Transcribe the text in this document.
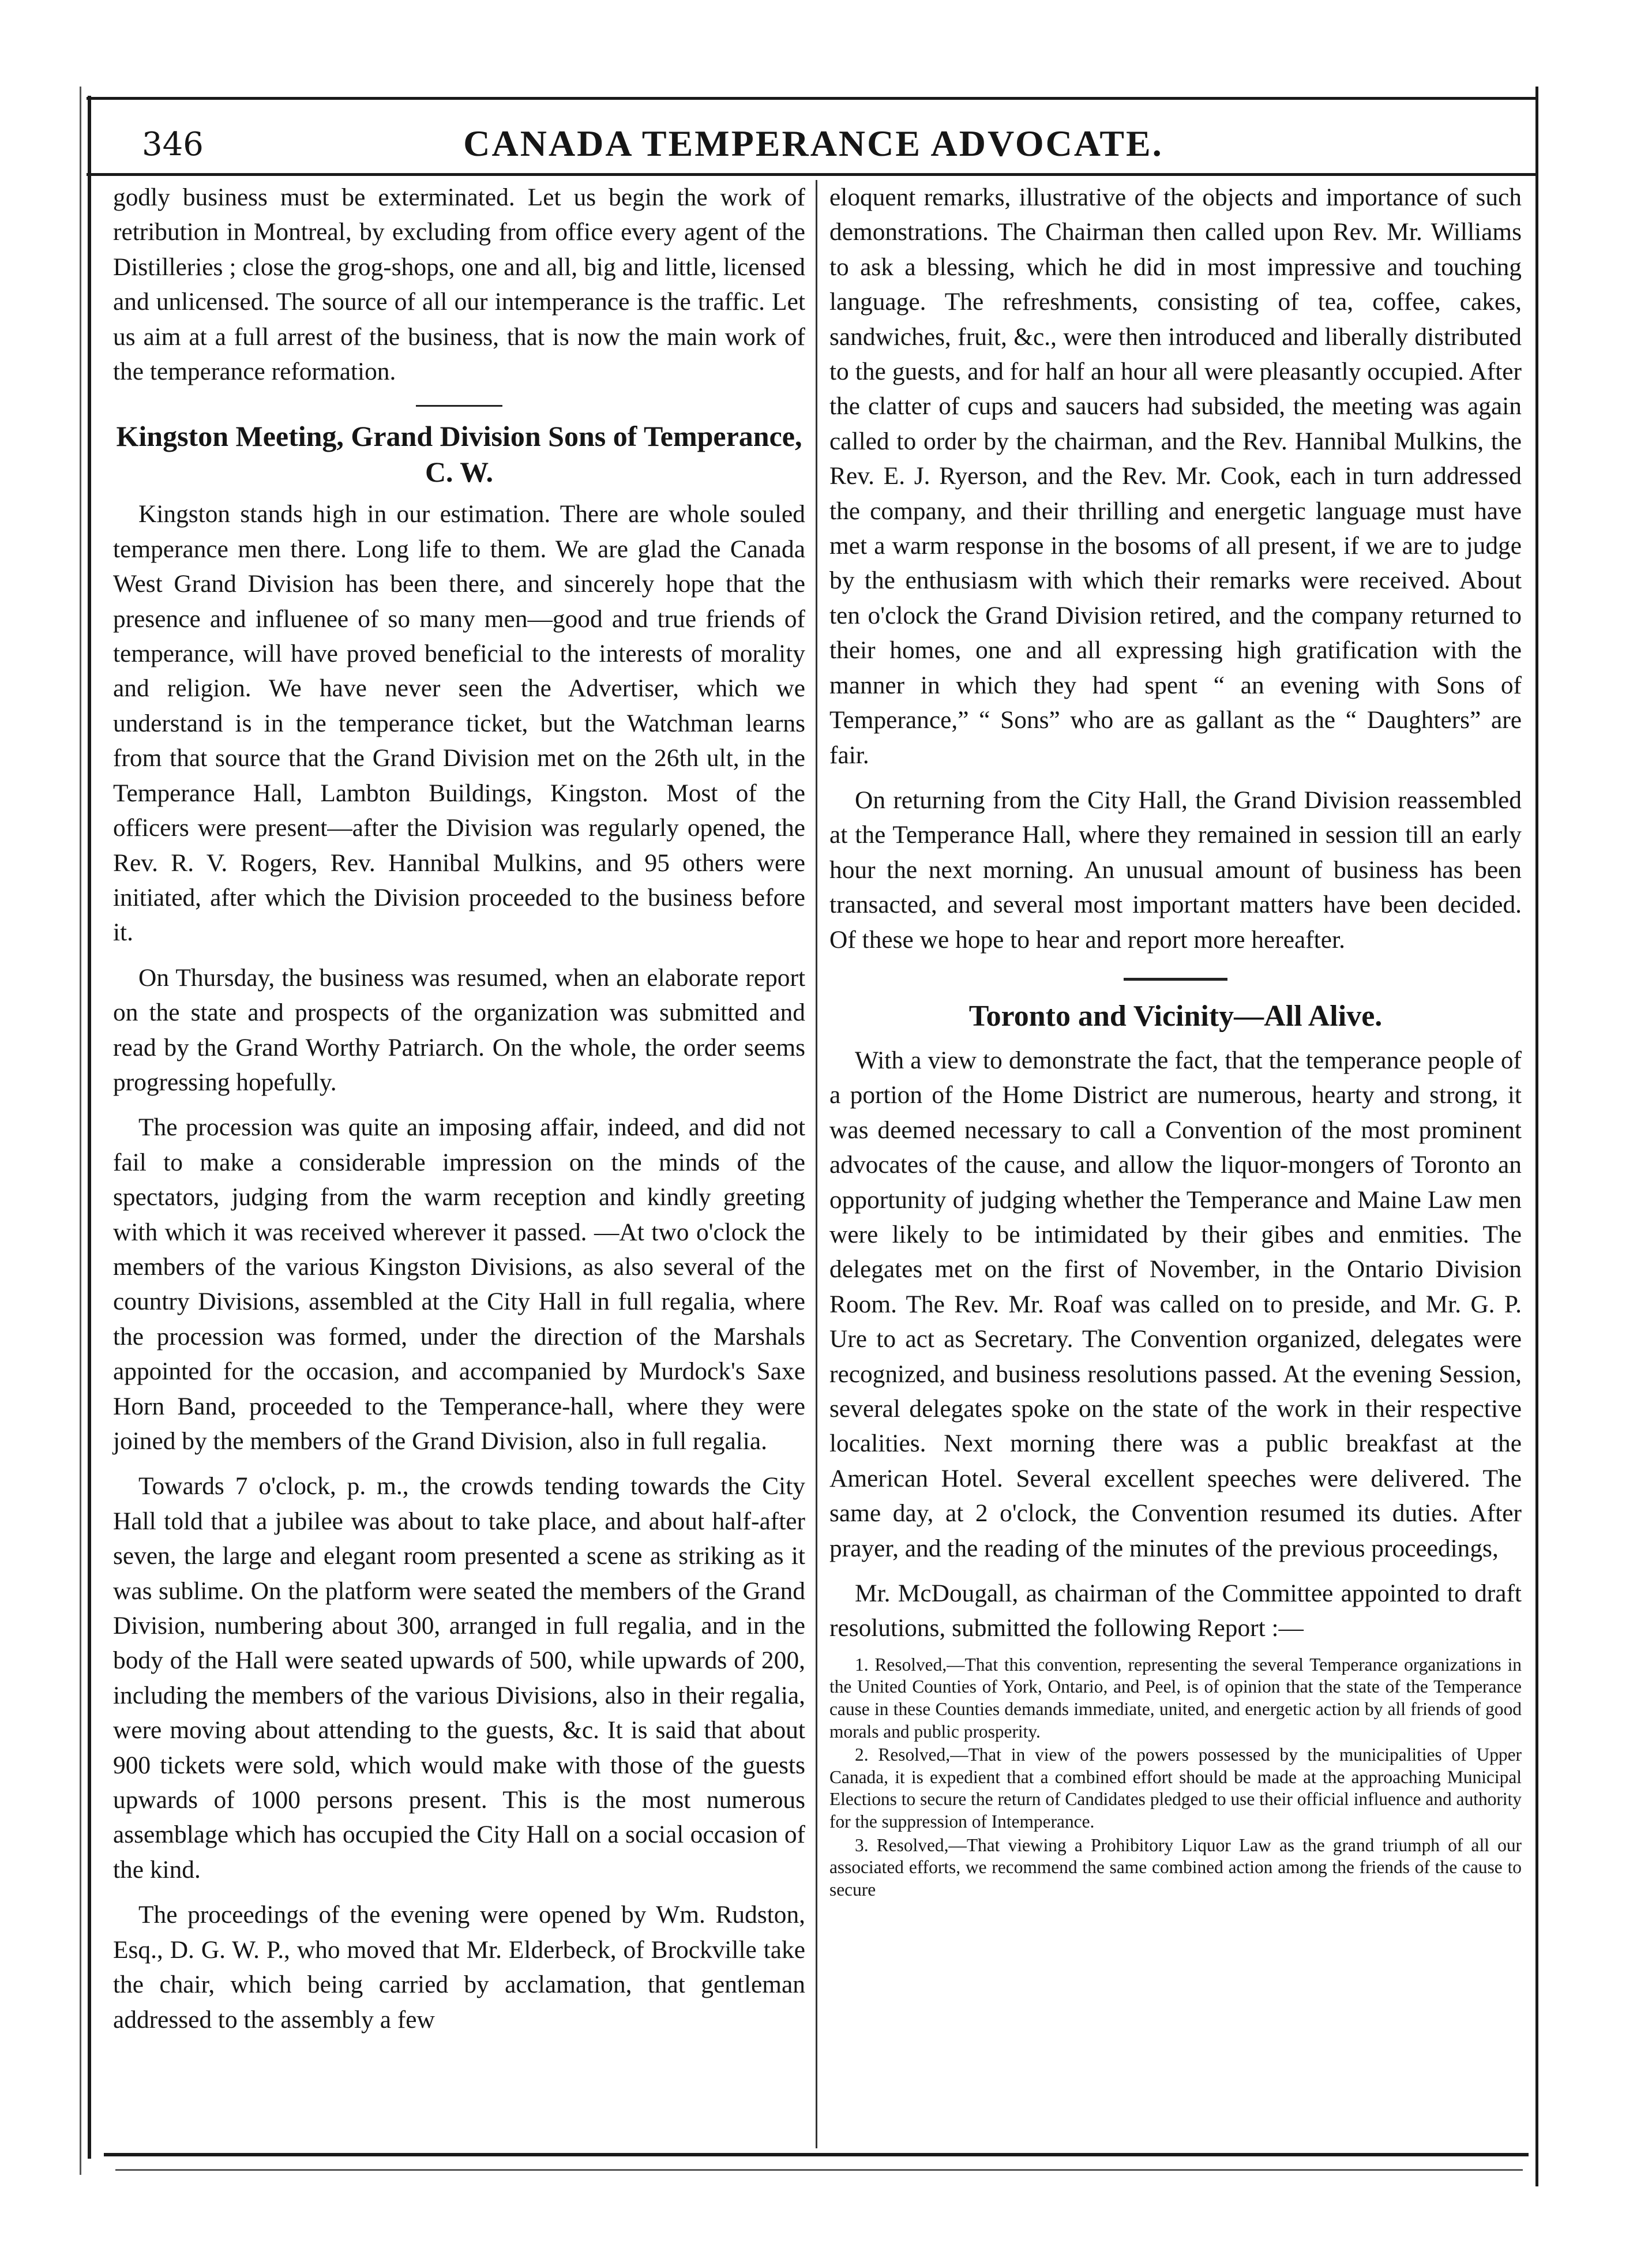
346	CANADA TEMPERANCE ADVOCATE.

godly business must be exterminated. Let us begin the work of retribution in Montreal, by excluding from office every agent of the Distilleries ; close the grog-shops, one and all, big and little, licensed and unlicensed. The source of all our intemperance is the traffic. Let us aim at a full arrest of the business, that is now the main work of the temperance reformation.

Kingston Meeting, Grand Division Sons of Temperance, C. W.

Kingston stands high in our estimation. There are whole souled temperance men there. Long life to them. We are glad the Canada West Grand Division has been there, and sincerely hope that the presence and influenee of so many men—good and true friends of temperance, will have proved beneficial to the interests of morality and religion. We have never seen the Advertiser, which we understand is in the temperance ticket, but the Watchman learns from that source that the Grand Division met on the 26th ult, in the Temperance Hall, Lambton Buildings, Kingston. Most of the officers were present—after the Division was regularly opened, the Rev. R. V. Rogers, Rev. Hannibal Mulkins, and 95 others were initiated, after which the Division proceeded to the business before it.

On Thursday, the business was resumed, when an elaborate report on the state and prospects of the organization was submitted and read by the Grand Worthy Patriarch. On the whole, the order seems progressing hopefully.

The procession was quite an imposing affair, indeed, and did not fail to make a considerable impression on the minds of the spectators, judging from the warm reception and kindly greeting with which it was received wherever it passed. —At two o'clock the members of the various Kingston Divisions, as also several of the country Divisions, assembled at the City Hall in full regalia, where the procession was formed, under the direction of the Marshals appointed for the occasion, and accompanied by Murdock's Saxe Horn Band, proceeded to the Temperance-hall, where they were joined by the members of the Grand Division, also in full regalia.

Towards 7 o'clock, p. m., the crowds tending towards the City Hall told that a jubilee was about to take place, and about half-after seven, the large and elegant room presented a scene as striking as it was sublime. On the platform were seated the members of the Grand Division, numbering about 300, arranged in full regalia, and in the body of the Hall were seated upwards of 500, while upwards of 200, including the members of the various Divisions, also in their regalia, were moving about attending to the guests, &c. It is said that about 900 tickets were sold, which would make with those of the guests upwards of 1000 persons present. This is the most numerous assemblage which has occupied the City Hall on a social occasion of the kind.

The proceedings of the evening were opened by Wm. Rudston, Esq., D. G. W. P., who moved that Mr. Elderbeck, of Brockville take the chair, which being carried by acclamation, that gentleman addressed to the assembly a few

eloquent remarks, illustrative of the objects and importance of such demonstrations. The Chairman then called upon Rev. Mr. Williams to ask a blessing, which he did in most impressive and touching language. The refreshments, consisting of tea, coffee, cakes, sandwiches, fruit, &c., were then introduced and liberally distributed to the guests, and for half an hour all were pleasantly occupied. After the clatter of cups and saucers had subsided, the meeting was again called to order by the chairman, and the Rev. Hannibal Mulkins, the Rev. E. J. Ryerson, and the Rev. Mr. Cook, each in turn addressed the company, and their thrilling and energetic language must have met a warm response in the bosoms of all present, if we are to judge by the enthusiasm with which their remarks were received. About ten o'clock the Grand Division retired, and the company returned to their homes, one and all expressing high gratification with the manner in which they had spent “ an evening with Sons of Temperance,” “ Sons” who are as gallant as the “ Daughters” are fair.

On returning from the City Hall, the Grand Division reassembled at the Temperance Hall, where they remained in session till an early hour the next morning. An unusual amount of business has been transacted, and several most important matters have been decided. Of these we hope to hear and report more hereafter.

Toronto and Vicinity—All Alive.

With a view to demonstrate the fact, that the temperance people of a portion of the Home District are numerous, hearty and strong, it was deemed necessary to call a Convention of the most prominent advocates of the cause, and allow the liquor-mongers of Toronto an opportunity of judging whether the Temperance and Maine Law men were likely to be intimidated by their gibes and enmities. The delegates met on the first of November, in the Ontario Division Room. The Rev. Mr. Roaf was called on to preside, and Mr. G. P. Ure to act as Secretary. The Convention organized, delegates were recognized, and business resolutions passed. At the evening Session, several delegates spoke on the state of the work in their respective localities. Next morning there was a public breakfast at the American Hotel. Several excellent speeches were delivered. The same day, at 2 o'clock, the Convention resumed its duties. After prayer, and the reading of the minutes of the previous proceedings,

Mr. McDougall, as chairman of the Committee appointed to draft resolutions, submitted the following Report :—

1. Resolved,—That this convention, representing the several Temperance organizations in the United Counties of York, Ontario, and Peel, is of opinion that the state of the Temperance cause in these Counties demands immediate, united, and energetic action by all friends of good morals and public prosperity.

2. Resolved,—That in view of the powers possessed by the municipalities of Upper Canada, it is expedient that a combined effort should be made at the approaching Municipal Elections to secure the return of Candidates pledged to use their official influence and authority for the suppression of Intemperance.

3. Resolved,—That viewing a Prohibitory Liquor Law as the grand triumph of all our associated efforts, we recommend the same combined action among the friends of the cause to secure
